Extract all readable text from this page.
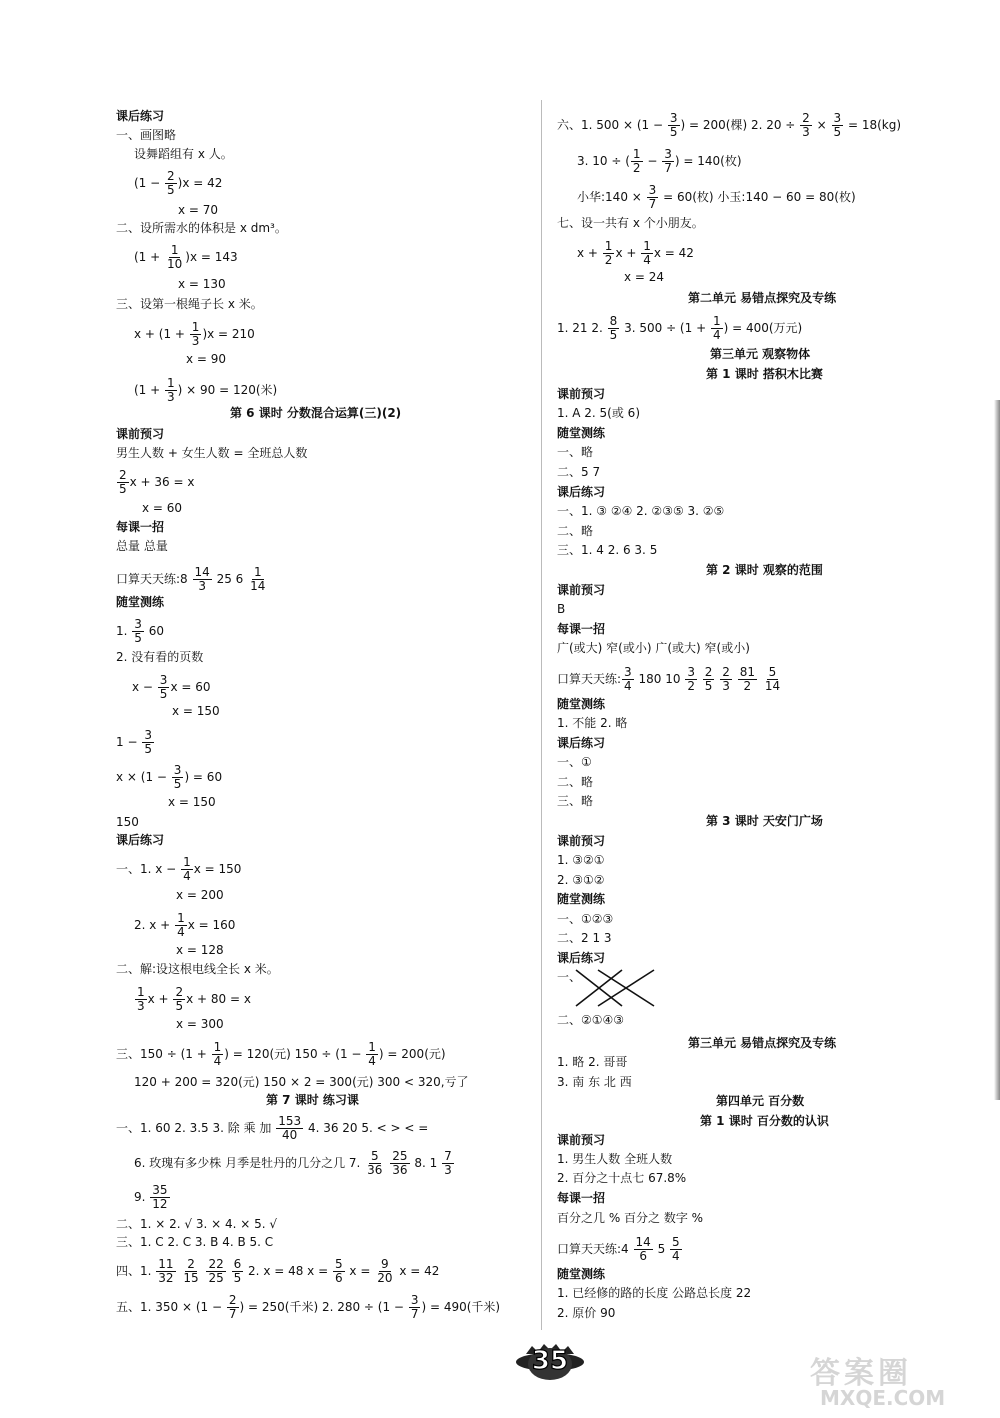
课后练习
一、画图略
设舞蹈组有 x 人。
$(1 - \frac{2}{5} )x = 42$
x = 70
二、设所需水的体积是 x dm³。
$(1 + \frac{1}{10} )x = 143$
x = 130
三、设第一根绳子长 x 米。
$x + (1 + \frac{1}{3} )x = 210$
x = 90
($1 + \frac{1}{3}$ ) × 90 = 120(米)
第 6 课时 分数混合运算(三)(2)
课前预习
男生人数 + 女生人数 = 全班总人数
$\frac{2}{5}$ x + 36 = x
x = 60
每课一招
总量 总量
口算天天练:8 $\frac{14}{3} 25$ $6 \frac{1}{14}$
随堂测练
1. $\frac{3}{5} 60$
2. 没有看的页数
$x - \frac{3}{5}$ x = 60
x = 150
$1 - \frac{3}{5}$
$x \times (1 - \frac{3}{5}$ ) = 60
x = 150
150
课后练习
一、1. $x - \frac{1}{4}$ x = 150
x = 200
2. $x + \frac{1}{4}$ x = 160
x = 128
二、解:设这根电线全长 x 米。
$\frac{1}{3}$ $x + \frac{2}{5}$ x + 80 = x
x = 300
三、$150 \div (1 + \frac{1}{4}$ ) = 120(元) $150 \div (1 - \frac{1}{4}$ ) = 200(元)
120 + 200 = 320(元) 150 × 2 = 300(元) 300 < 320,亏了
第 7 课时 练习课
一、1. 60 2. 3.5 3. 除 乘 加 $\frac{153}{40} 4$. 36 20 5. < > < =
6. 玫瑰有多少株 月季是牡丹的几分之几 7. $\frac{5}{36}$
$\frac{25}{36} 8$. $1 \frac{7}{3}$
9. $\frac{35}{12}$
二、1. × 2. √ 3. × 4. × 5. √
三、1. C 2. C 3. B 4. B 5. C
四、1. $\frac{11}{32}$
$\frac{2}{15}$
$\frac{22}{25}$
$\frac{6}{5} 2$. x = 48 $x = \frac{5}{6}$ $x = \frac{9}{20}$ x = 42
五、1. $350 \times (1 - \frac{2}{7}$ ) = 250(千米) 2. $280 \div (1 - \frac{3}{7}$ ) = 490(千米)
六、1. $500 \times (1 - \frac{3}{5}$ ) = 200(棵) 2. $20 \div \frac{2}{3} \times \frac{3}{5} = 18(kg)$
3. 10 ÷ ( $\frac{1}{2} - \frac{3}{7}$ ) = 140(枚)
小华:140 × $\frac{3}{7} = 60$(枚) 小玉:140 − 60 = 80(枚)
七、设一共有 x 个小朋友。
$x + \frac{1}{2}$ $x + \frac{1}{4}$ x = 42
x = 24
第二单元 易错点探究及专练
1. 21 2. $\frac{8}{5} 3$. $500 \div (1 + \frac{1}{4}$ ) = 400(万元)
第三单元 观察物体
第 1 课时 搭积木比赛
课前预习
1. A 2. 5(或 6)
随堂测练
一、略
二、5 7
课后练习
一、1. ③ ②④ 2. ②③⑤ 3. ②⑤
二、略
三、1. 4 2. 6 3. 5
第 2 课时 观察的范围
课前预习
B
每课一招
广(或大) 窄(或小) 广(或大) 窄(或小)
口算天天练: $\frac{3}{4} 180$ $10 \frac{3}{2}$
$\frac{2}{5}$
$\frac{2}{3}$
$\frac{81}{2}$
$\frac{5}{14}$
随堂测练
1. 不能 2. 略
课后练习
一、①
二、略
三、略
第 3 课时 天安门广场
课前预习
1. ③②①
2. ③①②
随堂测练
一、①②③
二、2 1 3
课后练习
一、
二、②①④③
第三单元 易错点探究及专练
1. 略 2. 哥哥
3. 南 东 北 西
第四单元 百分数
第 1 课时 百分数的认识
课前预习
1. 男生人数 全班人数
2. 百分之十点七 67.8%
每课一招
百分之几 % 百分之 数字 %
口算天天练:4 $\frac{14}{6} 5 \frac{5}{4}$
随堂测练
1. 已经修的路的长度 公路总长度 22
2. 原价 90
35	答案圈
MXQE.COM
